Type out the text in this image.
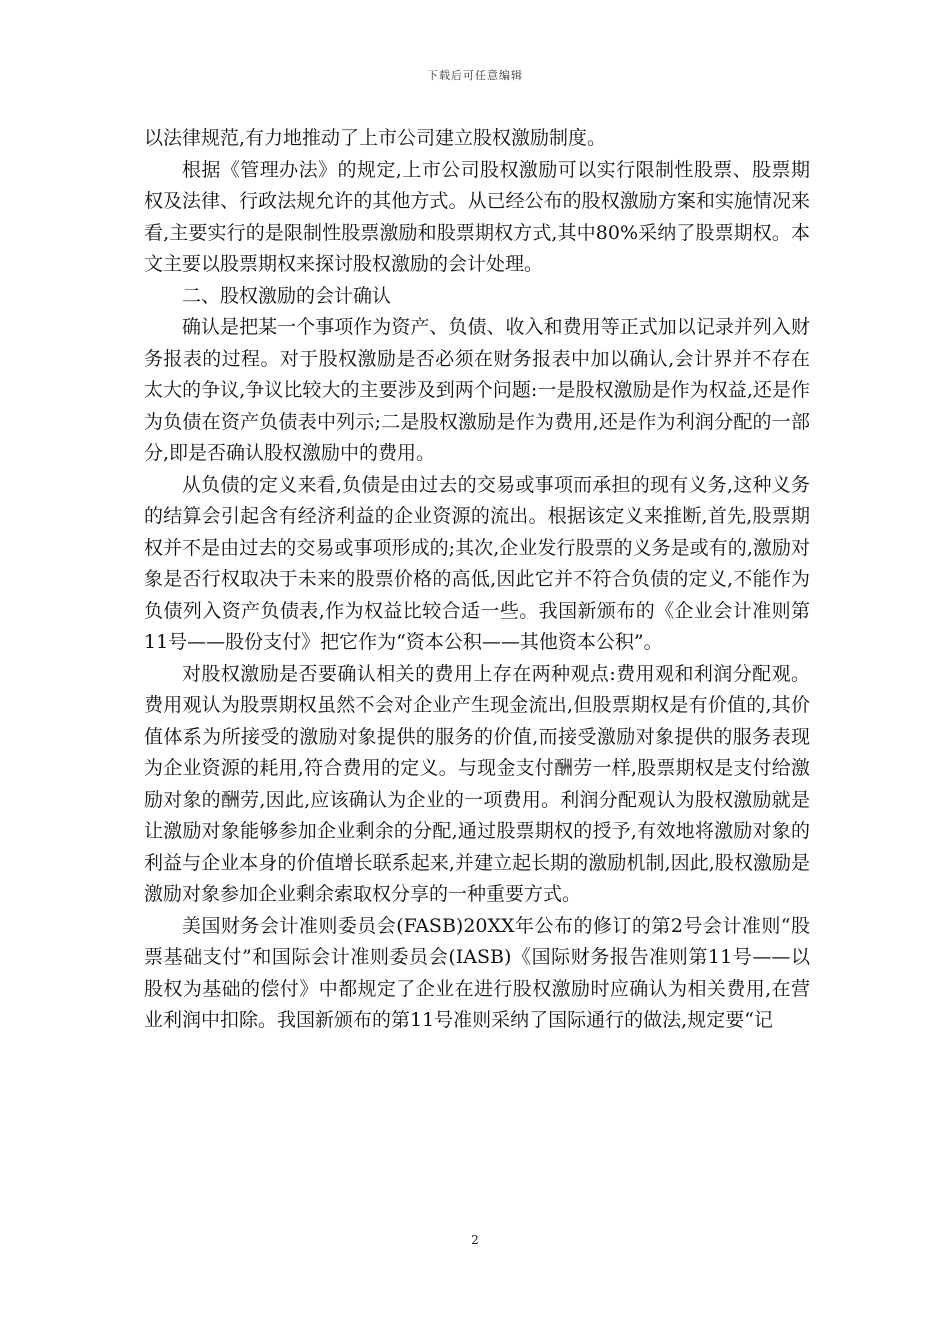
下载后可任意编辑

以法律规范,有力地推动了上市公司建立股权激励制度。

根据《管理办法》的规定,上市公司股权激励可以实行限制性股票、股票期权及法律、行政法规允许的其他方式。从已经公布的股权激励方案和实施情况来看,主要实行的是限制性股票激励和股票期权方式,其中80%采纳了股票期权。本文主要以股票期权来探讨股权激励的会计处理。

二、股权激励的会计确认

确认是把某一个事项作为资产、负债、收入和费用等正式加以记录并列入财务报表的过程。对于股权激励是否必须在财务报表中加以确认,会计界并不存在太大的争议,争议比较大的主要涉及到两个问题:一是股权激励是作为权益,还是作为负债在资产负债表中列示;二是股权激励是作为费用,还是作为利润分配的一部分,即是否确认股权激励中的费用。

从负债的定义来看,负债是由过去的交易或事项而承担的现有义务,这种义务的结算会引起含有经济利益的企业资源的流出。根据该定义来推断,首先,股票期权并不是由过去的交易或事项形成的;其次,企业发行股票的义务是或有的,激励对象是否行权取决于未来的股票价格的高低,因此它并不符合负债的定义,不能作为负债列入资产负债表,作为权益比较合适一些。我国新颁布的《企业会计准则第11号——股份支付》把它作为“资本公积——其他资本公积”。

对股权激励是否要确认相关的费用上存在两种观点:费用观和利润分配观。费用观认为股票期权虽然不会对企业产生现金流出,但股票期权是有价值的,其价值体系为所接受的激励对象提供的服务的价值,而接受激励对象提供的服务表现为企业资源的耗用,符合费用的定义。与现金支付酬劳一样,股票期权是支付给激励对象的酬劳,因此,应该确认为企业的一项费用。利润分配观认为股权激励就是让激励对象能够参加企业剩余的分配,通过股票期权的授予,有效地将激励对象的利益与企业本身的价值增长联系起来,并建立起长期的激励机制,因此,股权激励是激励对象参加企业剩余索取权分享的一种重要方式。

美国财务会计准则委员会(FASB)20XX年公布的修订的第2号会计准则“股票基础支付”和国际会计准则委员会(IASB)《国际财务报告准则第11号——以股权为基础的偿付》中都规定了企业在进行股权激励时应确认为相关费用,在营业利润中扣除。我国新颁布的第11号准则采纳了国际通行的做法,规定要“记

2
